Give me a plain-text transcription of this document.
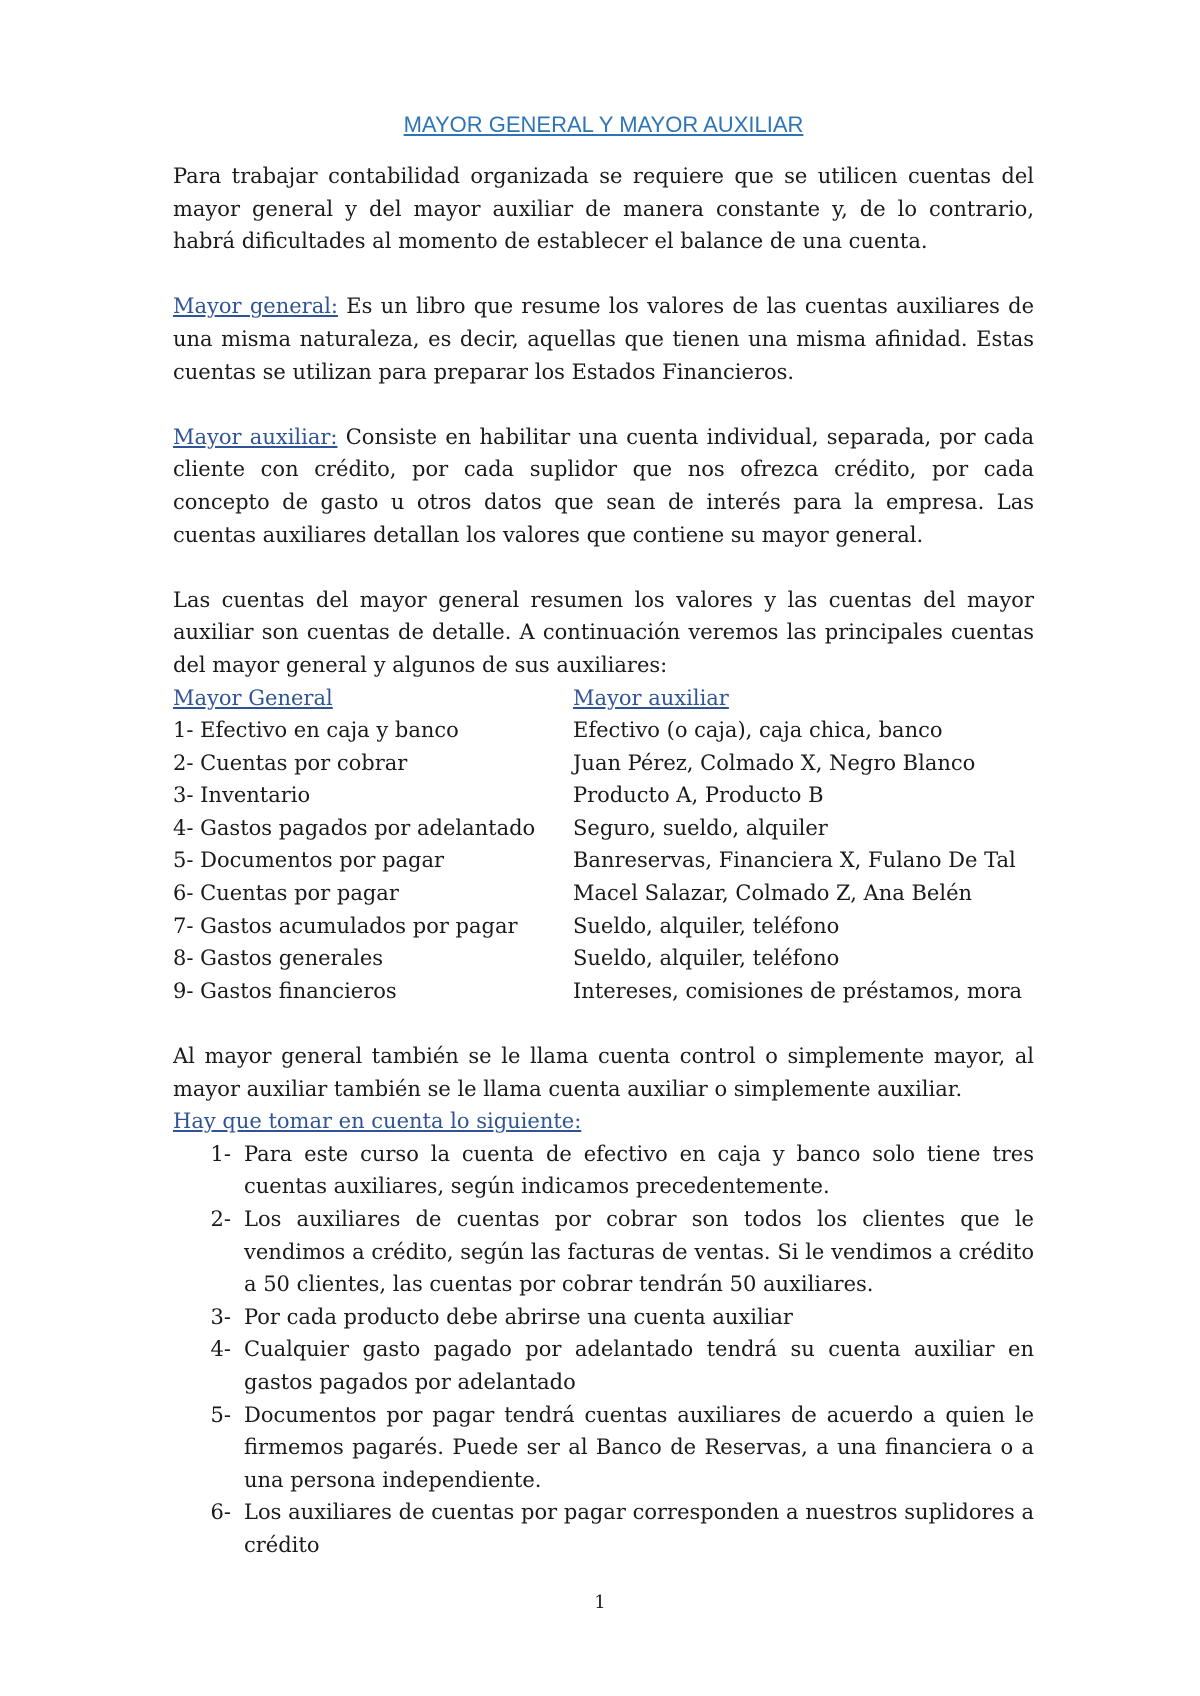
MAYOR GENERAL Y MAYOR AUXILIAR

Para trabajar contabilidad organizada se requiere que se utilicen cuentas del mayor general y del mayor auxiliar de manera constante y, de lo contrario, habrá dificultades al momento de establecer el balance de una cuenta.

Mayor general: Es un libro que resume los valores de las cuentas auxiliares de una misma naturaleza, es decir, aquellas que tienen una misma afinidad. Estas cuentas se utilizan para preparar los Estados Financieros.

Mayor auxiliar: Consiste en habilitar una cuenta individual, separada, por cada cliente con crédito, por cada suplidor que nos ofrezca crédito, por cada concepto de gasto u otros datos que sean de interés para la empresa. Las cuentas auxiliares detallan los valores que contiene su mayor general.

Las cuentas del mayor general resumen los valores y las cuentas del mayor auxiliar son cuentas de detalle. A continuación veremos las principales cuentas del mayor general y algunos de sus auxiliares:

Mayor General	Mayor auxiliar
1- Efectivo en caja y banco	Efectivo (o caja), caja chica, banco
2- Cuentas por cobrar	Juan Pérez, Colmado X, Negro Blanco
3- Inventario	Producto A, Producto B
4- Gastos pagados por adelantado	Seguro, sueldo, alquiler
5- Documentos por pagar	Banreservas, Financiera X, Fulano De Tal
6- Cuentas por pagar	Macel Salazar, Colmado Z, Ana Belén
7- Gastos acumulados por pagar	Sueldo, alquiler, teléfono
8- Gastos generales	Sueldo, alquiler, teléfono
9- Gastos financieros	Intereses, comisiones de préstamos, mora

Al mayor general también se le llama cuenta control o simplemente mayor, al mayor auxiliar también se le llama cuenta auxiliar o simplemente auxiliar.

Hay que tomar en cuenta lo siguiente:

1- Para este curso la cuenta de efectivo en caja y banco solo tiene tres cuentas auxiliares, según indicamos precedentemente.
2- Los auxiliares de cuentas por cobrar son todos los clientes que le vendimos a crédito, según las facturas de ventas. Si le vendimos a crédito a 50 clientes, las cuentas por cobrar tendrán 50 auxiliares.
3- Por cada producto debe abrirse una cuenta auxiliar
4- Cualquier gasto pagado por adelantado tendrá su cuenta auxiliar en gastos pagados por adelantado
5- Documentos por pagar tendrá cuentas auxiliares de acuerdo a quien le firmemos pagarés. Puede ser al Banco de Reservas, a una financiera o a una persona independiente.
6- Los auxiliares de cuentas por pagar corresponden a nuestros suplidores a crédito
1
